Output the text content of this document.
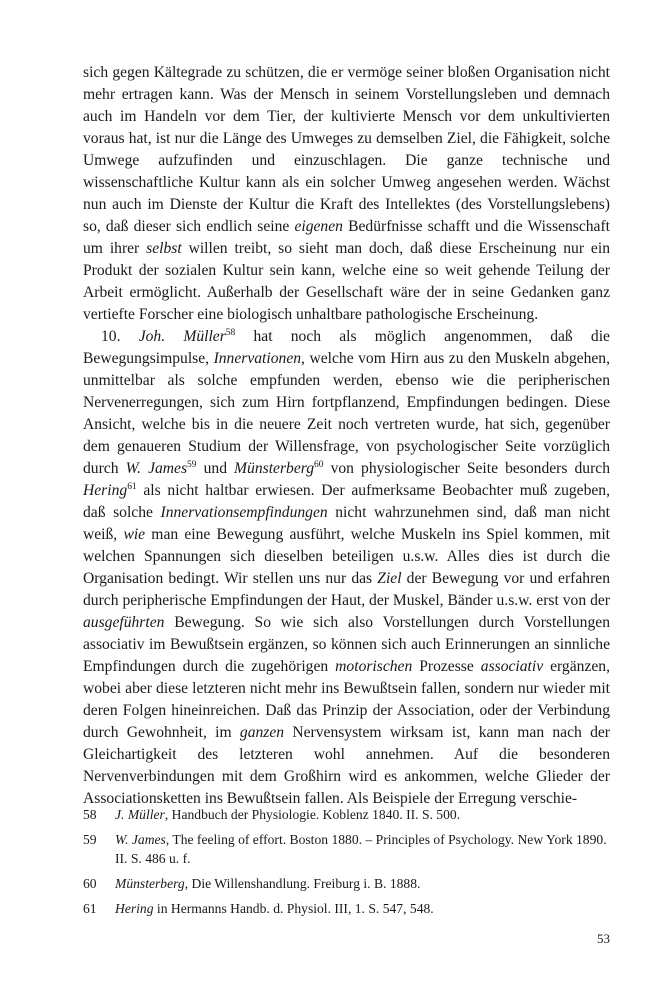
sich gegen Kältegrade zu schützen, die er vermöge seiner bloßen Organisation nicht mehr ertragen kann. Was der Mensch in seinem Vorstellungsleben und demnach auch im Handeln vor dem Tier, der kultivierte Mensch vor dem unkultivierten voraus hat, ist nur die Länge des Umweges zu demselben Ziel, die Fähigkeit, solche Umwege aufzufinden und einzuschlagen. Die ganze technische und wissenschaftliche Kultur kann als ein solcher Umweg angesehen werden. Wächst nun auch im Dienste der Kultur die Kraft des Intellektes (des Vorstellungslebens) so, daß dieser sich endlich seine eigenen Bedürfnisse schafft und die Wissenschaft um ihrer selbst willen treibt, so sieht man doch, daß diese Erscheinung nur ein Produkt der sozialen Kultur sein kann, welche eine so weit gehende Teilung der Arbeit ermöglicht. Außerhalb der Gesellschaft wäre der in seine Gedanken ganz vertiefte Forscher eine biologisch unhaltbare pathologische Erscheinung.

10. Joh. Müller$^{58}$ hat noch als möglich angenommen, daß die Bewegungsimpulse, Innervationen, welche vom Hirn aus zu den Muskeln abgehen, unmittelbar als solche empfunden werden, ebenso wie die peripherischen Nervenerregungen, sich zum Hirn fortpflanzend, Empfindungen bedingen. Diese Ansicht, welche bis in die neuere Zeit noch vertreten wurde, hat sich, gegenüber dem genaueren Studium der Willensfrage, von psychologischer Seite vorzüglich durch W. James$^{59}$ und Münsterberg$^{60}$ von physiologischer Seite besonders durch Hering$^{61}$ als nicht haltbar erwiesen. Der aufmerksame Beobachter muß zugeben, daß solche Innervationsempfindungen nicht wahrzunehmen sind, daß man nicht weiß, wie man eine Bewegung ausführt, welche Muskeln ins Spiel kommen, mit welchen Spannungen sich dieselben beteiligen u.s.w. Alles dies ist durch die Organisation bedingt. Wir stellen uns nur das Ziel der Bewegung vor und erfahren durch peripherische Empfindungen der Haut, der Muskel, Bänder u.s.w. erst von der ausgeführten Bewegung. So wie sich also Vorstellungen durch Vorstellungen associativ im Bewußtsein ergänzen, so können sich auch Erinnerungen an sinnliche Empfindungen durch die zugehörigen motorischen Prozesse associativ ergänzen, wobei aber diese letzteren nicht mehr ins Bewußtsein fallen, sondern nur wieder mit deren Folgen hineinreichen. Daß das Prinzip der Association, oder der Verbindung durch Gewohnheit, im ganzen Nervensystem wirksam ist, kann man nach der Gleichartigkeit des letzteren wohl annehmen. Auf die besonderen Nervenverbindungen mit dem Großhirn wird es ankommen, welche Glieder der Associationsketten ins Bewußtsein fallen. Als Beispiele der Erregung verschie-

58	J. Müller, Handbuch der Physiologie. Koblenz 1840. II. S. 500.
59	W. James, The feeling of effort. Boston 1880. – Principles of Psychology. New York 1890. II. S. 486 u. f.
60	Münsterberg, Die Willenshandlung. Freiburg i. B. 1888.
61	Hering in Hermanns Handb. d. Physiol. III, 1. S. 547, 548.
53
